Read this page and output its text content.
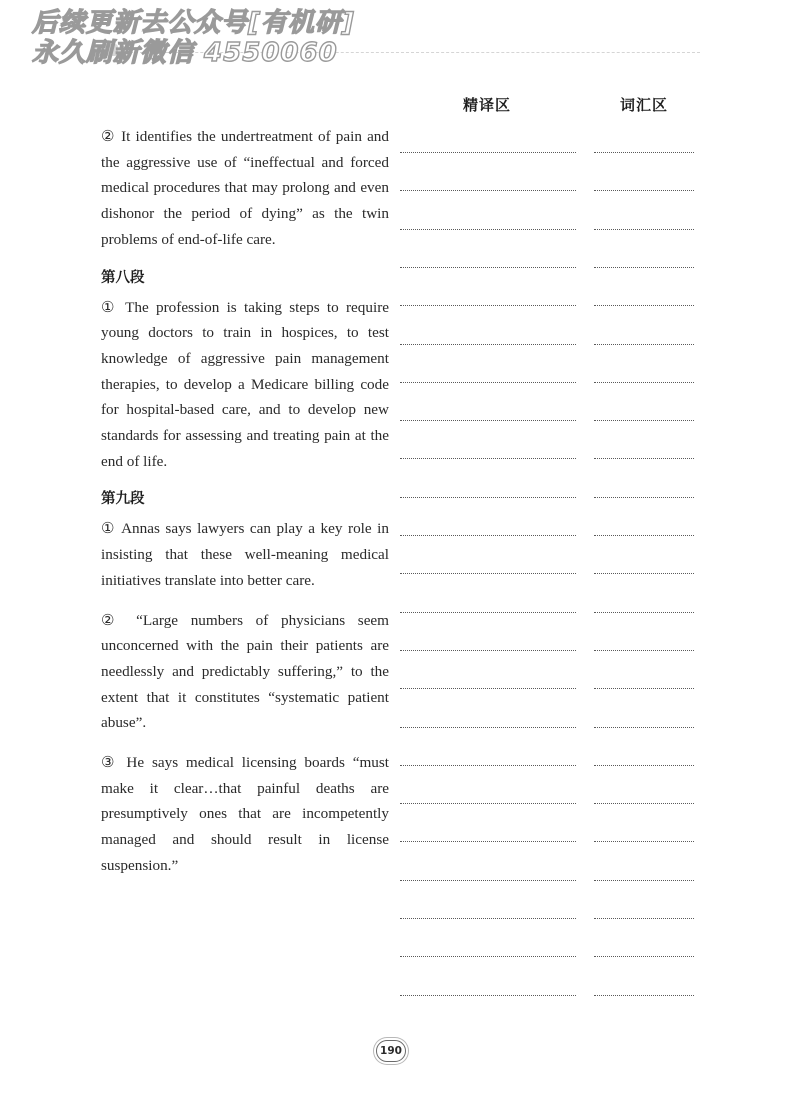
后续更新去公众号[有机研]
永久刷新微信 4550060
精译区	词汇区

② It identifies the undertreatment of pain and the aggressive use of “ineffectual and forced medical procedures that may prolong and even dishonor the period of dying” as the twin problems of end-of-life care.

第八段

① The profession is taking steps to require young doctors to train in hospices, to test knowledge of aggressive pain management therapies, to develop a Medicare billing code for hospital-based care, and to develop new standards for assessing and treating pain at the end of life.

第九段

① Annas says lawyers can play a key role in insisting that these well-meaning medical initiatives translate into better care.

② “Large numbers of physicians seem unconcerned with the pain their patients are needlessly and predictably suffering,” to the extent that it constitutes “systematic patient abuse”.

③ He says medical licensing boards “must make it clear…that painful deaths are presumptively ones that are incompetently managed and should result in license suspension.”

190
